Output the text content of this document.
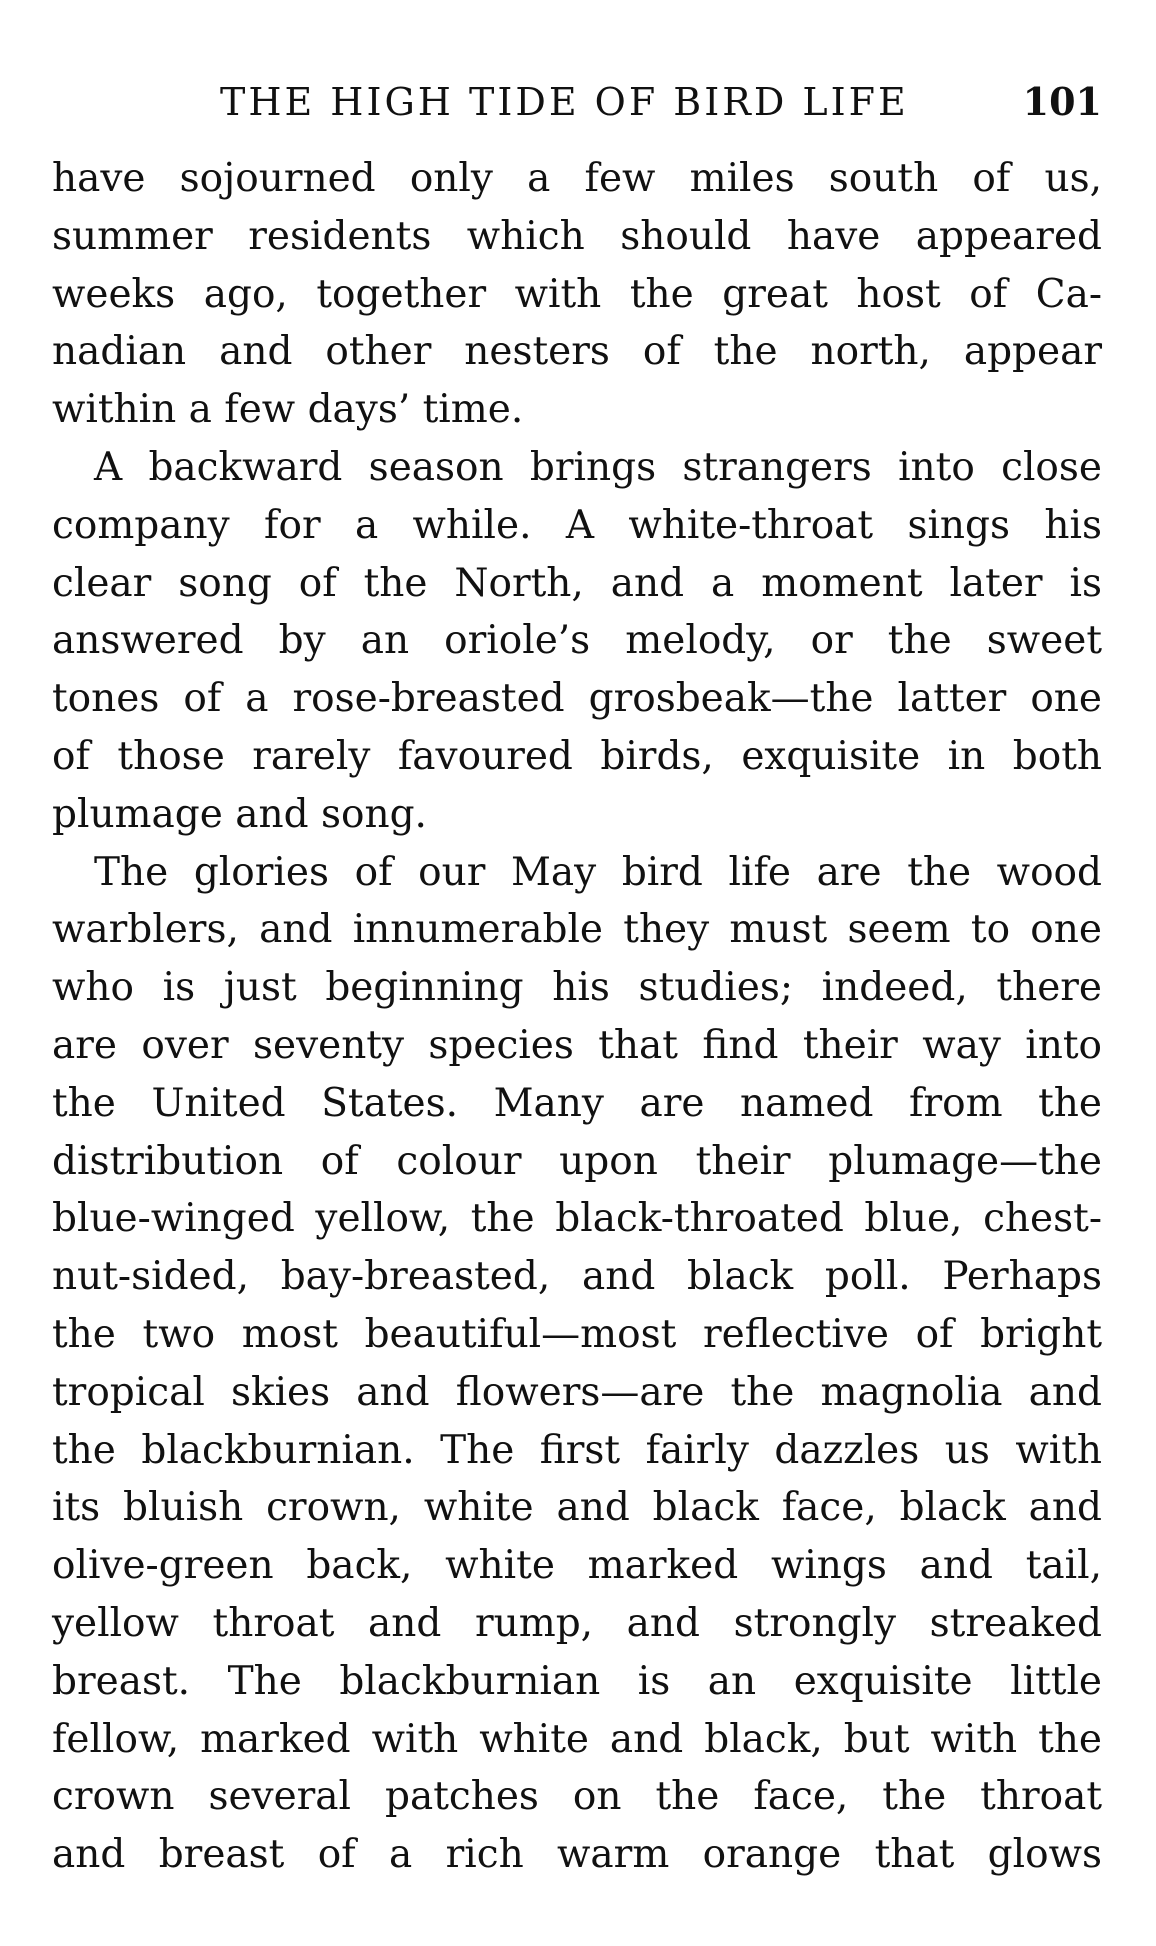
THE HIGH TIDE OF BIRD LIFE	101
have sojourned only a few miles south of us,
summer residents which should have appeared
weeks ago, together with the great host of Ca-
nadian and other nesters of the north, appear
within a few days’ time.
A backward season brings strangers into close
company for a while. A white-throat sings his
clear song of the North, and a moment later is
answered by an oriole’s melody, or the sweet
tones of a rose-breasted grosbeak—the latter one
of those rarely favoured birds, exquisite in both
plumage and song.
The glories of our May bird life are the wood
warblers, and innumerable they must seem to one
who is just beginning his studies; indeed, there
are over seventy species that find their way into
the United States. Many are named from the
distribution of colour upon their plumage—the
blue-winged yellow, the black-throated blue, chest-
nut-sided, bay-breasted, and black poll. Perhaps
the two most beautiful—most reflective of bright
tropical skies and flowers—are the magnolia and
the blackburnian. The first fairly dazzles us with
its bluish crown, white and black face, black and
olive-green back, white marked wings and tail,
yellow throat and rump, and strongly streaked
breast. The blackburnian is an exquisite little
fellow, marked with white and black, but with the
crown several patches on the face, the throat
and breast of a rich warm orange that glows
